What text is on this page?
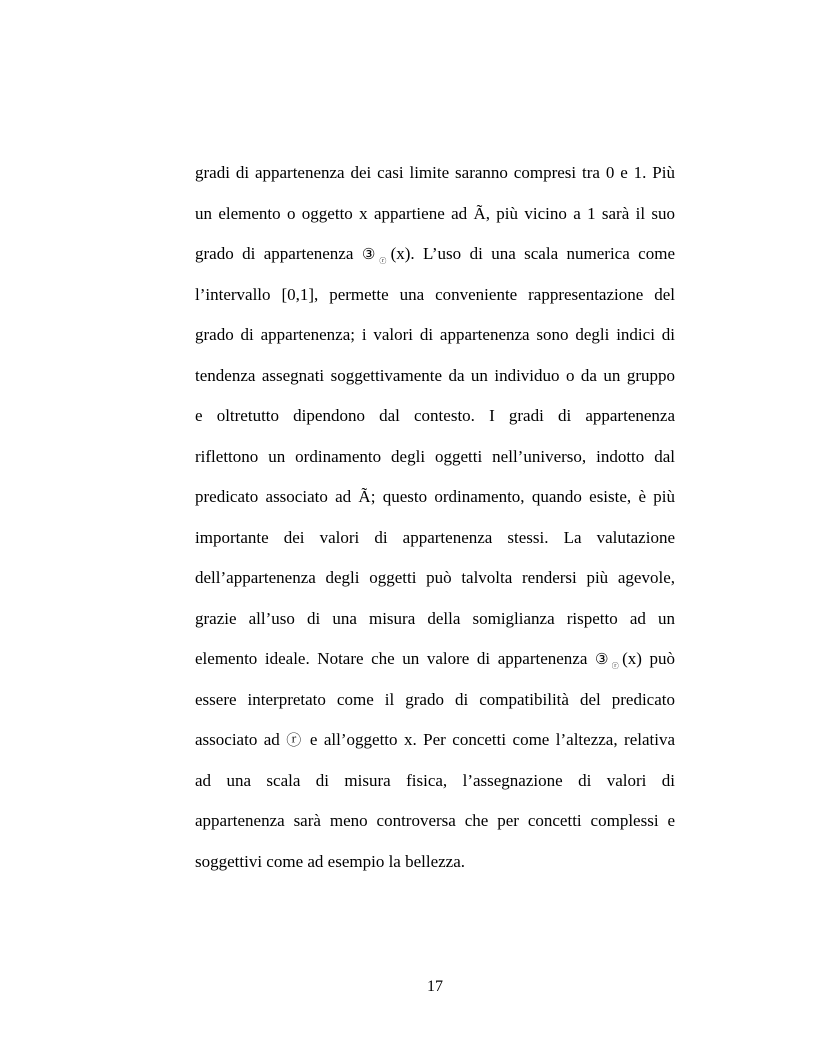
gradi di appartenenza dei casi limite saranno compresi tra 0 e 1. Più
un elemento o oggetto x appartiene ad Ã, più vicino a 1 sarà il suo
grado di appartenenza $③_ⓡ(x)$. L’uso di una scala numerica come
l’intervallo [0,1], permette una conveniente rappresentazione del
grado di appartenenza; i valori di appartenenza sono degli indici di
tendenza assegnati soggettivamente da un individuo o da un gruppo
e oltretutto dipendono dal contesto. I gradi di appartenenza
riflettono un ordinamento degli oggetti nell’universo, indotto dal
predicato associato ad Ã; questo ordinamento, quando esiste, è più
importante dei valori di appartenenza stessi. La valutazione
dell’appartenenza degli oggetti può talvolta rendersi più agevole,
grazie all’uso di una misura della somiglianza rispetto ad un
elemento ideale. Notare che un valore di appartenenza $③_ⓡ(x)$ può
essere interpretato come il grado di compatibilità del predicato
associato ad ⓡ e all’oggetto x. Per concetti come l’altezza, relativa
ad una scala di misura fisica, l’assegnazione di valori di
appartenenza sarà meno controversa che per concetti complessi e
soggettivi come ad esempio la bellezza.
17
